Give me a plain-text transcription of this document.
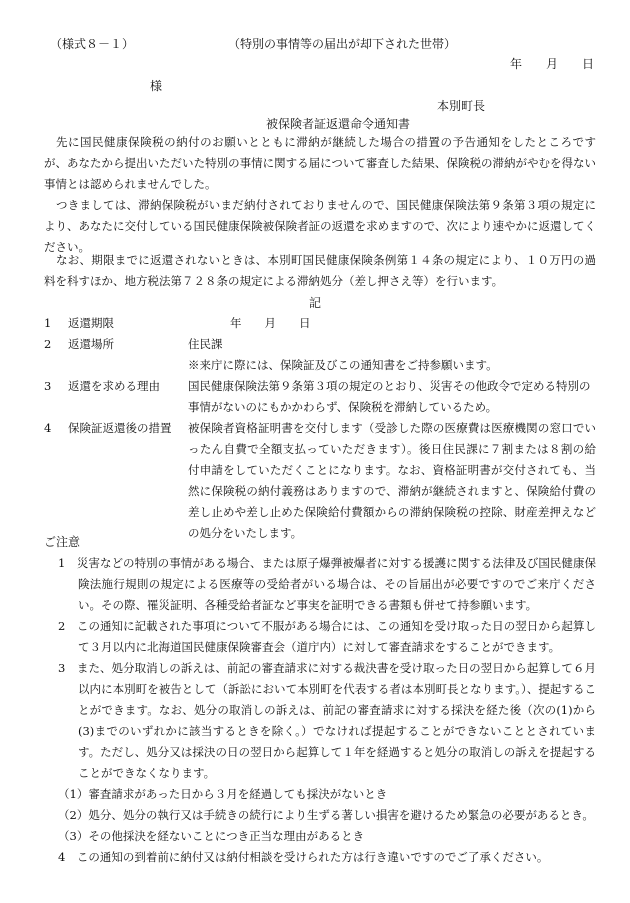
（様式８－１）	（特別の事情等の届出が却下された世帯）
年　　月　　日
様
本別町長
被保険者証返還命令通知書
先に国民健康保険税の納付のお願いとともに滞納が継続した場合の措置の予告通知をしたところですが、あなたから提出いただいた特別の事情に関する届について審査した結果、保険税の滞納がやむを得ない事情とは認められませんでした。
つきましては、滞納保険税がいまだ納付されておりませんので、国民健康保険法第９条第３項の規定により、あなたに交付している国民健康保険被保険者証の返還を求めますので、次により速やかに返還してください。
なお、期限までに返還されないときは、本別町国民健康保険条例第１４条の規定により、１０万円の過料を科すほか、地方税法第７２８条の規定による滞納処分（差し押さえ等）を行います。
記
1 返還期限	年　　月　　日
2 返還場所	住民課
※来庁に際には、保険証及びこの通知書をご持参願います。
3 返還を求める理由 国民健康保険法第９条第３項の規定のとおり、災害その他政令で定める特別の事情がないのにもかかわらず、保険税を滞納しているため。
4 保険証返還後の措置 被保険者資格証明書を交付します（受診した際の医療費は医療機関の窓口でいったん自費で全額支払っていただきます）。後日住民課に７割または８割の給付申請をしていただくことになります。なお、資格証明書が交付されても、当然に保険税の納付義務はありますので、滞納が継続されますと、保険給付費の差し止めや差し止めた保険給付費額からの滞納保険税の控除、財産差押えなどの処分をいたします。
ご注意

1　 災害などの特別の事情がある場合、または原子爆弾被爆者に対する援護に関する法律及び国民健康保険法施行規則の規定による医療等の受給者がいる場合は、その旨届出が必要ですのでご来庁ください。その際、罹災証明、各種受給者証など事実を証明できる書類も併せて持参願います。

2　 この通知に記載された事項について不服がある場合には、この通知を受け取った日の翌日から起算して３月以内に北海道国民健康保険審査会（道庁内）に対して審査請求をすることができます。

3　 また、処分取消しの訴えは、前記の審査請求に対する裁決書を受け取った日の翌日から起算して６月以内に本別町を被告として（訴訟において本別町を代表する者は本別町長となります。）、提起することができます。なお、処分の取消しの訴えは、前記の審査請求に対する採決を経た後（次の(1)から(3)までのいずれかに該当するときを除く。）でなければ提起することができないこととされています。ただし、処分又は採決の日の翌日から起算して１年を経過すると処分の取消しの訴えを提起することができなくなります。

（1）審査請求があった日から３月を経過しても採決がないとき

（2）処分、処分の執行又は手続きの続行により生ずる著しい損害を避けるため緊急の必要があるとき。

（3）その他採決を経ないことにつき正当な理由があるとき

4　 この通知の到着前に納付又は納付相談を受けられた方は行き違いですのでご了承ください。
